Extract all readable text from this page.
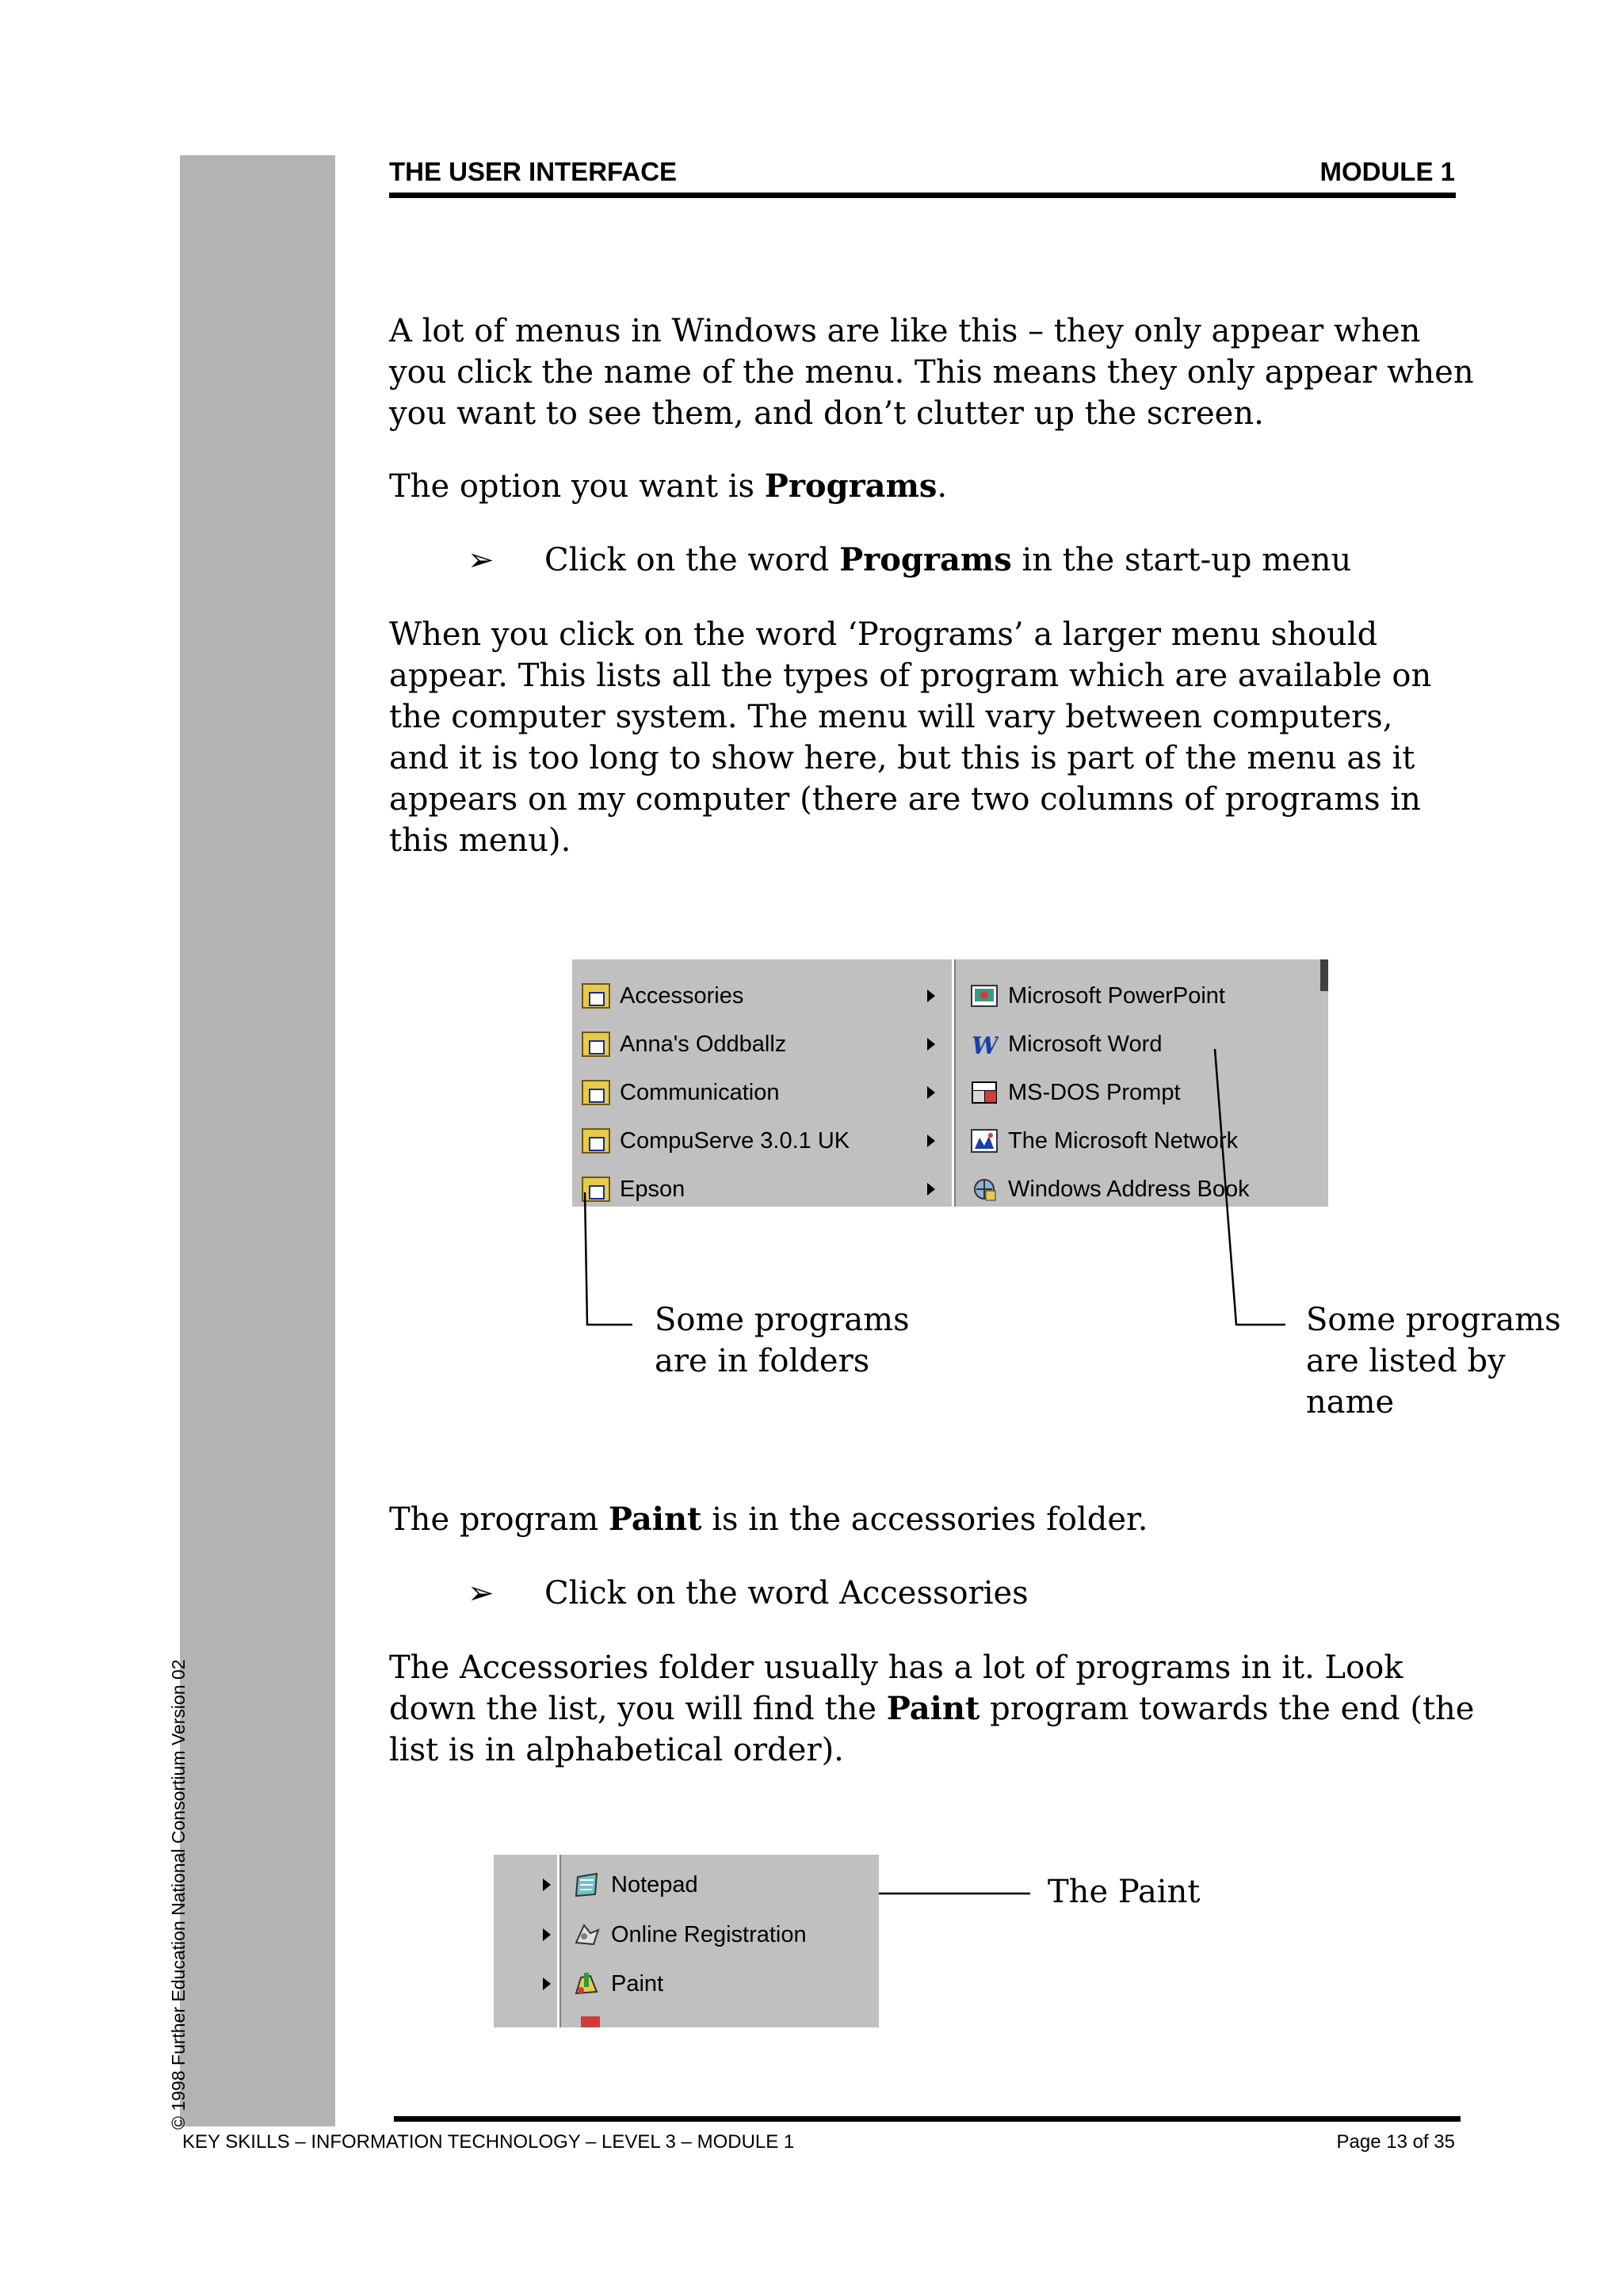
© 1998 Further Education National Consortium Version 02
THE USER INTERFACE	MODULE 1

A lot of menus in Windows are like this – they only appear when you click the name of the menu. This means they only appear when you want to see them, and don’t clutter up the screen.

The option you want is Programs.

➢ Click on the word Programs in the start-up menu

When you click on the word ‘Programs’ a larger menu should appear. This lists all the types of program which are available on the computer system. The menu will vary between computers, and it is too long to show here, but this is part of the menu as it appears on my computer (there are two columns of programs in this menu).

Accessories
Anna's Oddballz
Communication
CompuServe 3.0.1 UK
Epson
Microsoft PowerPoint
W Microsoft Word
MS-DOS Prompt
The Microsoft Network
Windows Address Book
Some programs are in folders
Some programs are listed by name

The program Paint is in the accessories folder.

➢ Click on the word Accessories

The Accessories folder usually has a lot of programs in it. Look down the list, you will find the Paint program towards the end (the list is in alphabetical order).

Notepad
Online Registration
Paint
The Paint
KEY SKILLS – INFORMATION TECHNOLOGY – LEVEL 3 – MODULE 1	Page 13 of 35
